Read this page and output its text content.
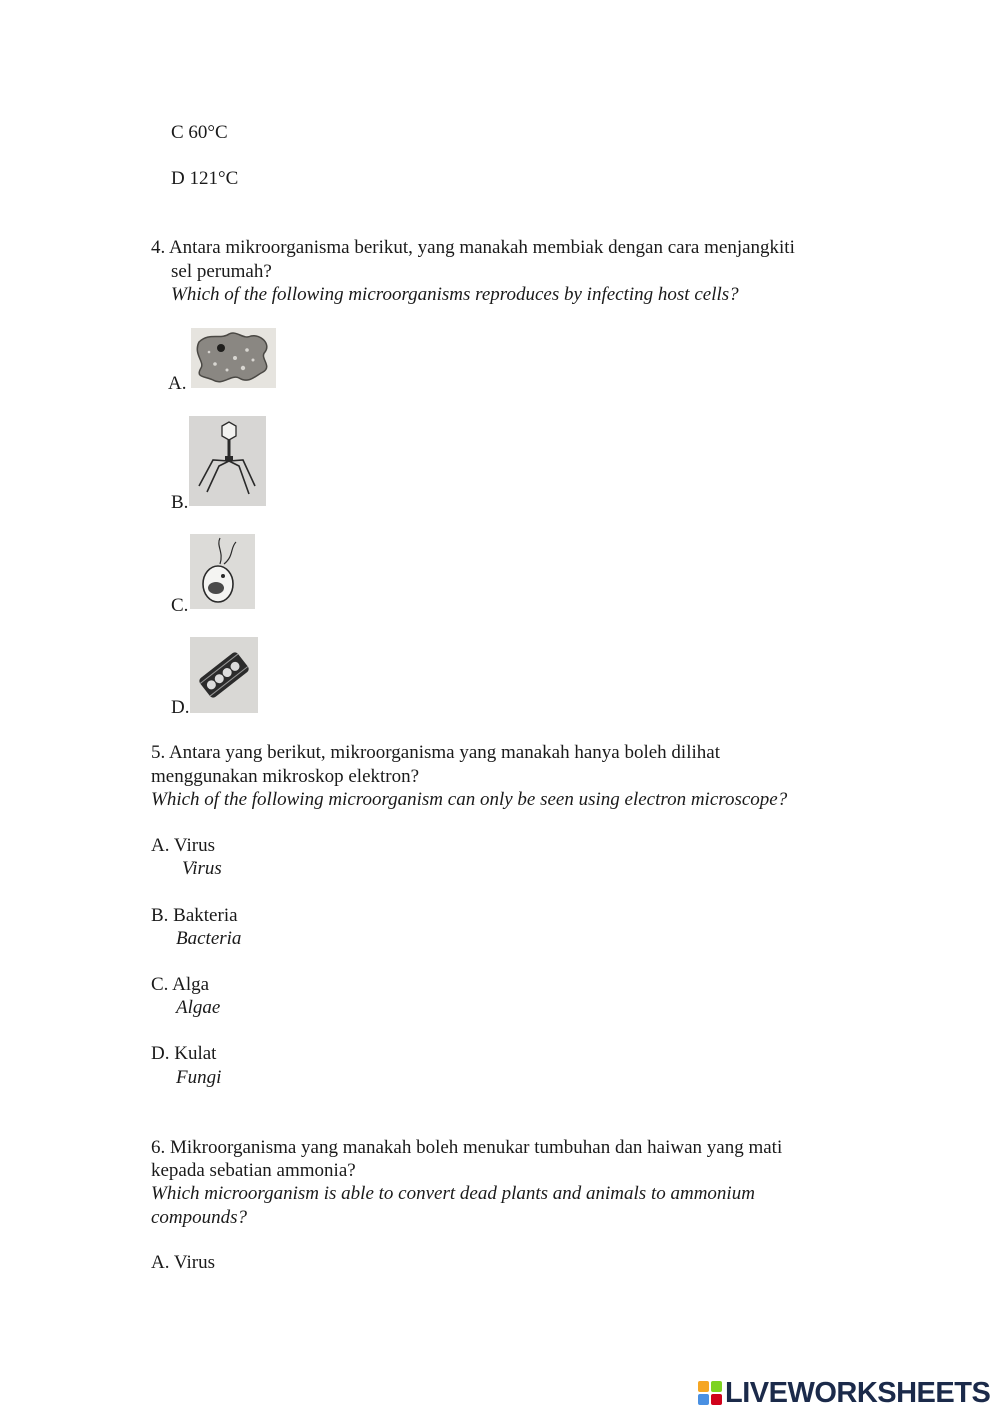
C 60°C
D 121°C
4. Antara mikroorganisma berikut, yang manakah membiak dengan cara menjangkiti
sel perumah?
Which of the following microorganisms reproduces by infecting host cells?
A.
B.
C.
D.
5. Antara yang berikut, mikroorganisma yang manakah hanya boleh dilihat
menggunakan mikroskop elektron?
Which of the following microorganism can only be seen using electron microscope?
A. Virus
Virus
B. Bakteria
Bacteria
C. Alga
Algae
D. Kulat
Fungi
6. Mikroorganisma yang manakah boleh menukar tumbuhan dan haiwan yang mati
kepada sebatian ammonia?
Which microorganism is able to convert dead plants and animals to ammonium
compounds?
A. Virus
LIVEWORKSHEETS
